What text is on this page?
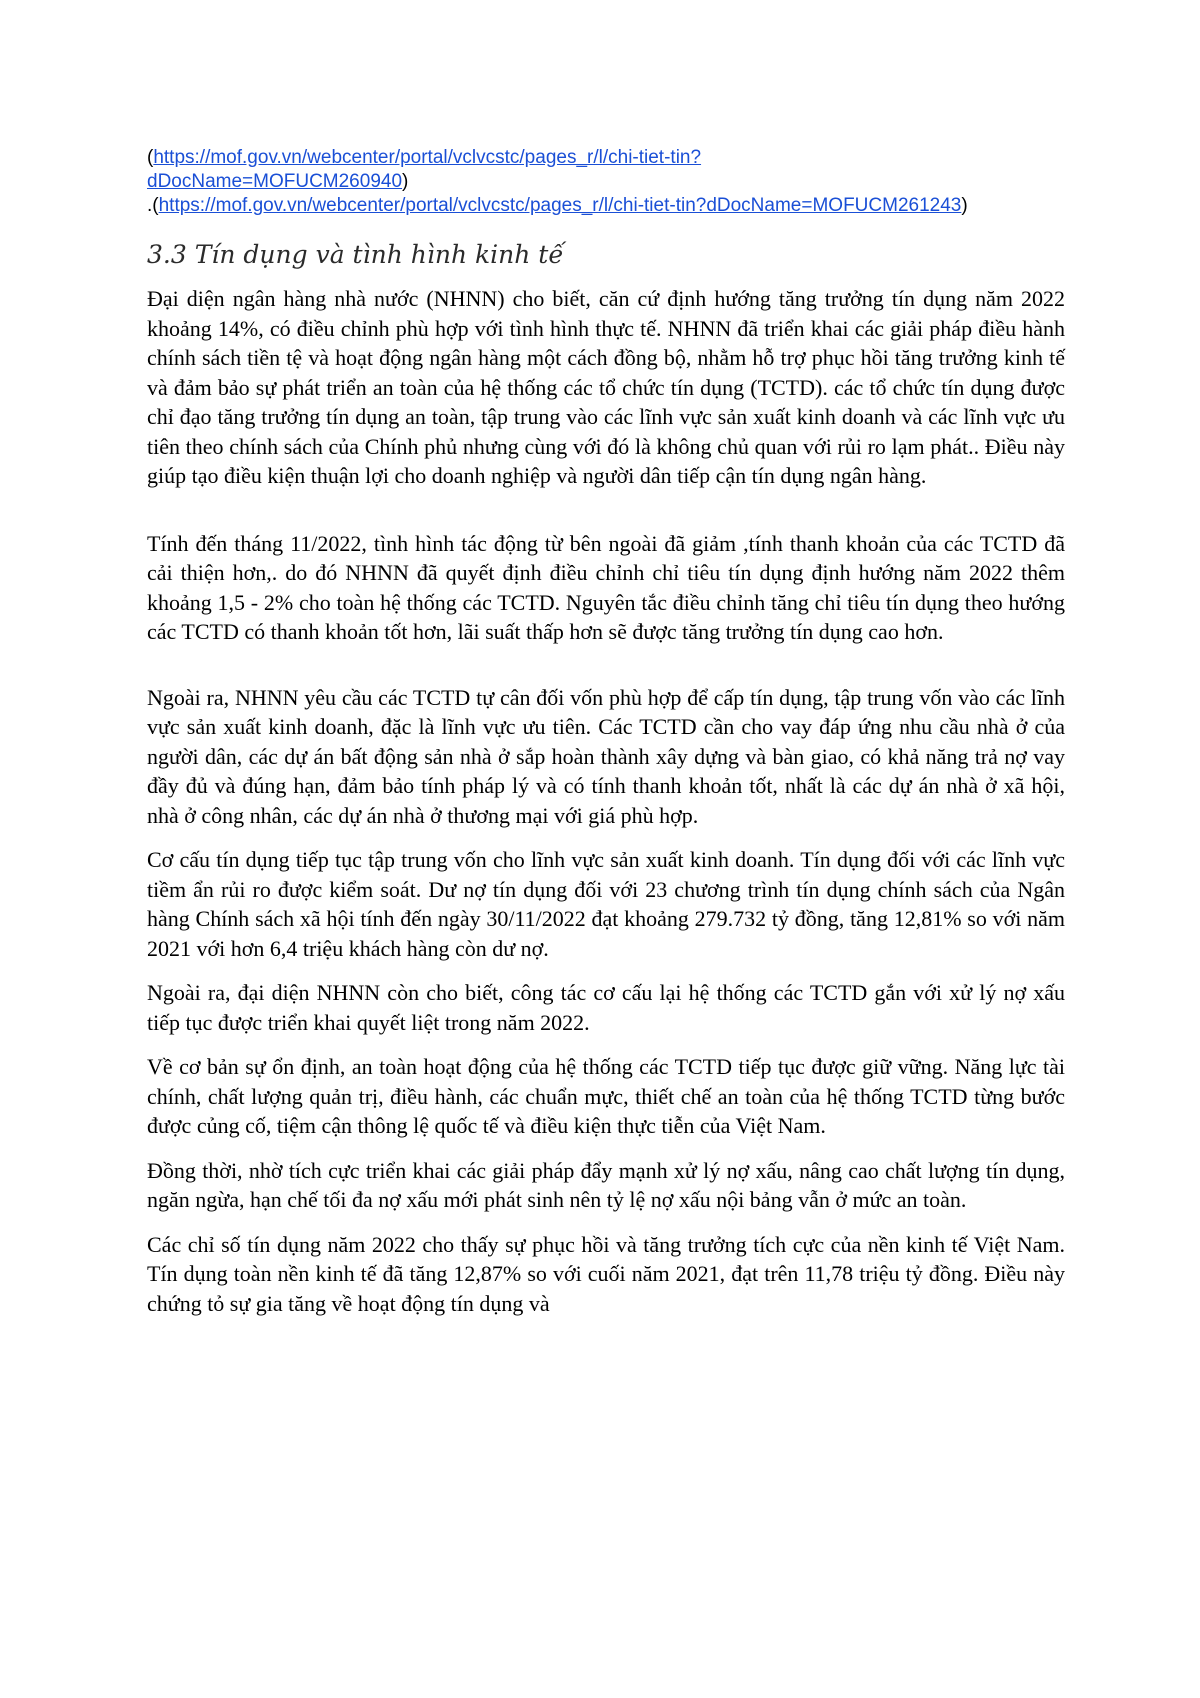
(https://mof.gov.vn/webcenter/portal/vclvcstc/pages_r/l/chi-tiet-tin?
dDocName=MOFUCM260940)
.(https://mof.gov.vn/webcenter/portal/vclvcstc/pages_r/l/chi-tiet-tin?dDocName=MOFUCM261243)
3.3 Tín dụng và tình hình kinh tế

Đại diện ngân hàng nhà nước (NHNN) cho biết, căn cứ định hướng tăng trưởng tín dụng năm 2022 khoảng 14%, có điều chỉnh phù hợp với tình hình thực tế. NHNN đã triển khai các giải pháp điều hành chính sách tiền tệ và hoạt động ngân hàng một cách đồng bộ, nhằm hỗ trợ phục hồi tăng trưởng kinh tế và đảm bảo sự phát triển an toàn của hệ thống các tổ chức tín dụng (TCTD). các tổ chức tín dụng được chỉ đạo tăng trưởng tín dụng an toàn, tập trung vào các lĩnh vực sản xuất kinh doanh và các lĩnh vực ưu tiên theo chính sách của Chính phủ nhưng cùng với đó là không chủ quan với rủi ro lạm phát.. Điều này giúp tạo điều kiện thuận lợi cho doanh nghiệp và người dân tiếp cận tín dụng ngân hàng.

Tính đến tháng 11/2022, tình hình tác động từ bên ngoài đã giảm ,tính thanh khoản của các TCTD đã cải thiện hơn,. do đó NHNN đã quyết định điều chỉnh chỉ tiêu tín dụng định hướng năm 2022 thêm khoảng 1,5 - 2% cho toàn hệ thống các TCTD. Nguyên tắc điều chỉnh tăng chỉ tiêu tín dụng theo hướng các TCTD có thanh khoản tốt hơn, lãi suất thấp hơn sẽ được tăng trưởng tín dụng cao hơn.

Ngoài ra, NHNN yêu cầu các TCTD tự cân đối vốn phù hợp để cấp tín dụng, tập trung vốn vào các lĩnh vực sản xuất kinh doanh, đặc là lĩnh vực ưu tiên. Các TCTD cần cho vay đáp ứng nhu cầu nhà ở của người dân, các dự án bất động sản nhà ở sắp hoàn thành xây dựng và bàn giao, có khả năng trả nợ vay đầy đủ và đúng hạn, đảm bảo tính pháp lý và có tính thanh khoản tốt, nhất là các dự án nhà ở xã hội, nhà ở công nhân, các dự án nhà ở thương mại với giá phù hợp.

Cơ cấu tín dụng tiếp tục tập trung vốn cho lĩnh vực sản xuất kinh doanh. Tín dụng đối với các lĩnh vực tiềm ẩn rủi ro được kiểm soát. Dư nợ tín dụng đối với 23 chương trình tín dụng chính sách của Ngân hàng Chính sách xã hội tính đến ngày 30/11/2022 đạt khoảng 279.732 tỷ đồng, tăng 12,81% so với năm 2021 với hơn 6,4 triệu khách hàng còn dư nợ.

Ngoài ra, đại diện NHNN còn cho biết, công tác cơ cấu lại hệ thống các TCTD gắn với xử lý nợ xấu tiếp tục được triển khai quyết liệt trong năm 2022.

Về cơ bản sự ổn định, an toàn hoạt động của hệ thống các TCTD tiếp tục được giữ vững. Năng lực tài chính, chất lượng quản trị, điều hành, các chuẩn mực, thiết chế an toàn của hệ thống TCTD từng bước được củng cố, tiệm cận thông lệ quốc tế và điều kiện thực tiễn của Việt Nam.

Đồng thời, nhờ tích cực triển khai các giải pháp đẩy mạnh xử lý nợ xấu, nâng cao chất lượng tín dụng, ngăn ngừa, hạn chế tối đa nợ xấu mới phát sinh nên tỷ lệ nợ xấu nội bảng vẫn ở mức an toàn.

Các chỉ số tín dụng năm 2022 cho thấy sự phục hồi và tăng trưởng tích cực của nền kinh tế Việt Nam. Tín dụng toàn nền kinh tế đã tăng 12,87% so với cuối năm 2021, đạt trên 11,78 triệu tỷ đồng. Điều này chứng tỏ sự gia tăng về hoạt động tín dụng và
